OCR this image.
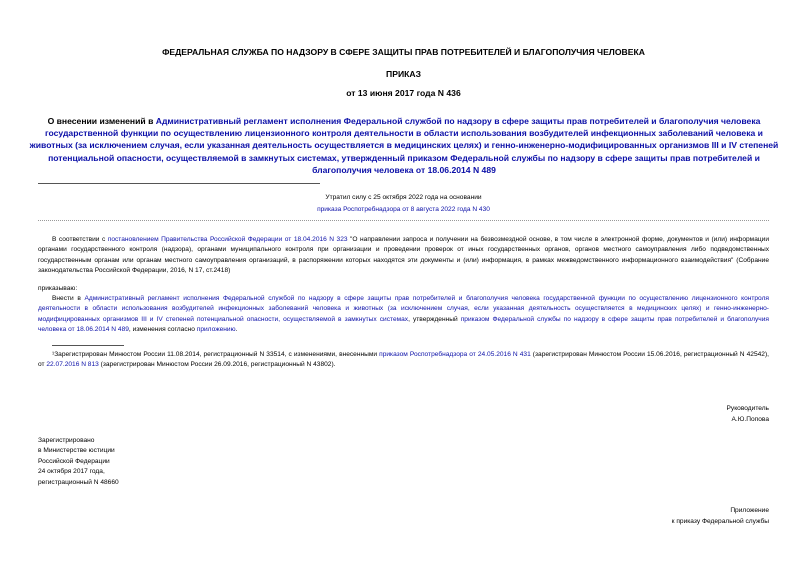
ФЕДЕРАЛЬНАЯ СЛУЖБА ПО НАДЗОРУ В СФЕРЕ ЗАЩИТЫ ПРАВ ПОТРЕБИТЕЛЕЙ И БЛАГОПОЛУЧИЯ ЧЕЛОВЕКА
ПРИКАЗ
от 13 июня 2017 года N 436
О внесении изменений в Административный регламент исполнения Федеральной службой по надзору в сфере защиты прав потребителей и благополучия человека государственной функции по осуществлению лицензионного контроля деятельности в области использования возбудителей инфекционных заболеваний человека и животных (за исключением случая, если указанная деятельность осуществляется в медицинских целях) и генно-инженерно-модифицированных организмов III и IV степеней потенциальной опасности, осуществляемой в замкнутых системах, утвержденный приказом Федеральной службы по надзору в сфере защиты прав потребителей и благополучия человека от 18.06.2014 N 489
Утратил силу с 25 октября 2022 года на основании
приказа Роспотребнадзора от 8 августа 2022 года N 430
В соответствии с постановлением Правительства Российской Федерации от 18.04.2016 N 323 "О направлении запроса и получении на безвозмездной основе, в том числе в электронной форме, документов и (или) информации органами государственного контроля (надзора), органами муниципального контроля при организации и проведении проверок от иных государственных органов, органов местного самоуправления либо подведомственных государственным органам или органам местного самоуправления организаций, в распоряжении которых находятся эти документы и (или) информация, в рамках межведомственного информационного взаимодействия" (Собрание законодательства Российской Федерации, 2016, N 17, ст.2418)
приказываю:
Внести в Административный регламент исполнения Федеральной службой по надзору в сфере защиты прав потребителей и благополучия человека государственной функции по осуществлению лицензионного контроля деятельности в области использования возбудителей инфекционных заболеваний человека и животных (за исключением случая, если указанная деятельность осуществляется в медицинских целях) и генно-инженерно-модифицированных организмов III и IV степеней потенциальной опасности, осуществляемой в замкнутых системах, утвержденный приказом Федеральной службы по надзору в сфере защиты прав потребителей и благополучия человека от 18.06.2014 N 489, изменения согласно приложению.
¹Зарегистрирован Минюстом России 11.08.2014, регистрационный N 33514, с изменениями, внесенными приказом Роспотребнадзора от 24.05.2016 N 431 (зарегистрирован Минюстом России 15.06.2016, регистрационный N 42542), от 22.07.2016 N 813 (зарегистрирован Минюстом России 26.09.2016, регистрационный N 43802).
Руководитель
А.Ю.Попова
Зарегистрировано
в Министерстве юстиции
Российской Федерации
24 октября 2017 года,
регистрационный N 48660
Приложение
к приказу Федеральной службы
